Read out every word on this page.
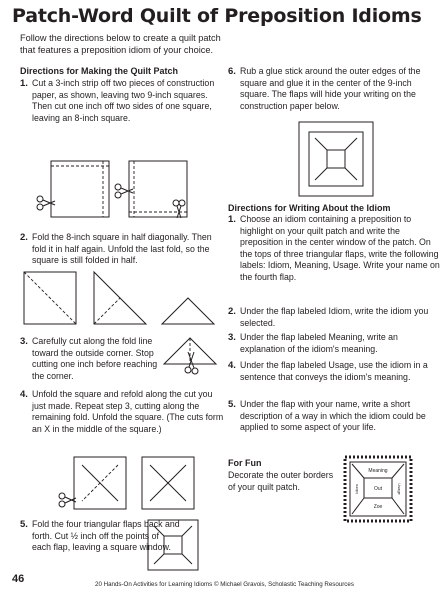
Patch-Word Quilt of Preposition Idioms
Follow the directions below to create a quilt patch that features a preposition idiom of your choice.
Directions for Making the Quilt Patch
1. Cut a 3-inch strip off two pieces of construction paper, as shown, leaving two 9-inch squares. Then cut one inch off two sides of one square, leaving an 8-inch square.
2. Fold the 8-inch square in half diagonally. Then fold it in half again. Unfold the last fold, so the square is still folded in half.
3. Carefully cut along the fold line toward the outside corner. Stop cutting one inch before reaching the corner.
4. Unfold the square and refold along the cut you just made. Repeat step 3, cutting along the remaining fold. Unfold the square. (The cuts form an X in the middle of the square.)
5. Fold the four triangular flaps back and forth. Cut ½ inch off the points of each flap, leaving a square window.
6. Rub a glue stick around the outer edges of the square and glue it in the center of the 9-inch square. The flaps will hide your writing on the construction paper below.
Directions for Writing About the Idiom
1. Choose an idiom containing a preposition to highlight on your quilt patch and write the preposition in the center window of the patch. On the tops of three triangular flaps, write the following labels: Idiom, Meaning, Usage. Write your name on the fourth flap.
2. Under the flap labeled Idiom, write the idiom you selected.
3. Under the flap labeled Meaning, write an explanation of the idiom's meaning.
4. Under the flap labeled Usage, use the idiom in a sentence that conveys the idiom's meaning.
5. Under the flap with your name, write a short description of a way in which the idiom could be applied to some aspect of your life.
For Fun
Decorate the outer borders of your quilt patch.
Meaning
Idiom	Usage
Zoe
Out
46	20 Hands-On Activities for Learning Idioms © Michael Gravois, Scholastic Teaching Resources
